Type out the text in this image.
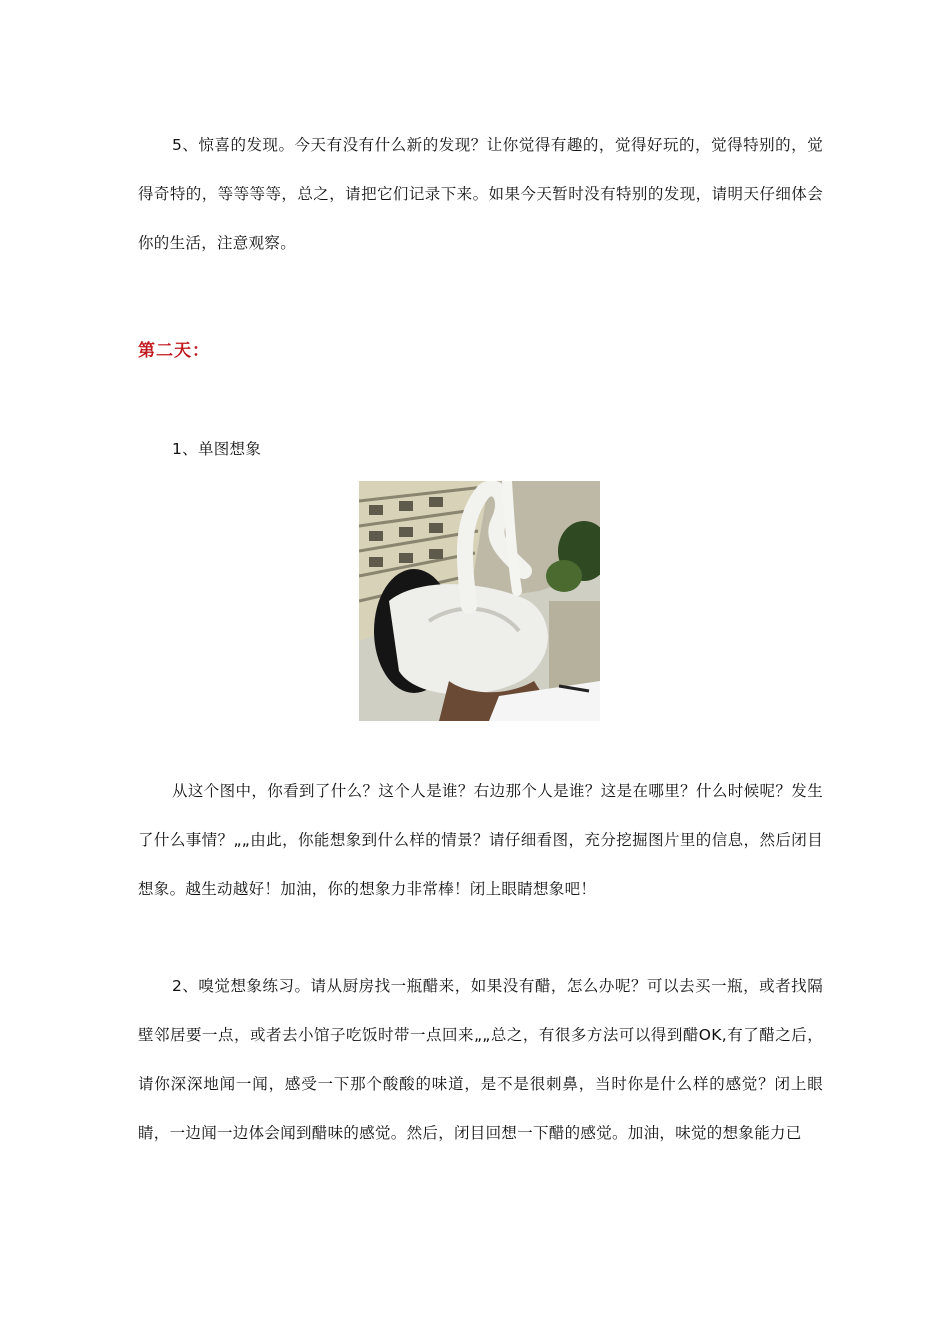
5、惊喜的发现。今天有没有什么新的发现？让你觉得有趣的，觉得好玩的，觉得特别的，觉得奇特的，等等等等，总之，请把它们记录下来。如果今天暂时没有特别的发现，请明天仔细体会你的生活，注意观察。

第二天：

1、单图想象

从这个图中，你看到了什么？这个人是谁？右边那个人是谁？这是在哪里？什么时候呢？发生了什么事情？„„由此，你能想象到什么样的情景？请仔细看图，充分挖掘图片里的信息，然后闭目想象。越生动越好！加油，你的想象力非常棒！闭上眼睛想象吧！

2、嗅觉想象练习。请从厨房找一瓶醋来，如果没有醋，怎么办呢？可以去买一瓶，或者找隔壁邻居要一点，或者去小馆子吃饭时带一点回来„„总之，有很多方法可以得到醋OK,有了醋之后，请你深深地闻一闻，感受一下那个酸酸的味道，是不是很刺鼻，当时你是什么样的感觉？闭上眼睛，一边闻一边体会闻到醋味的感觉。然后，闭目回想一下醋的感觉。加油，味觉的想象能力已
